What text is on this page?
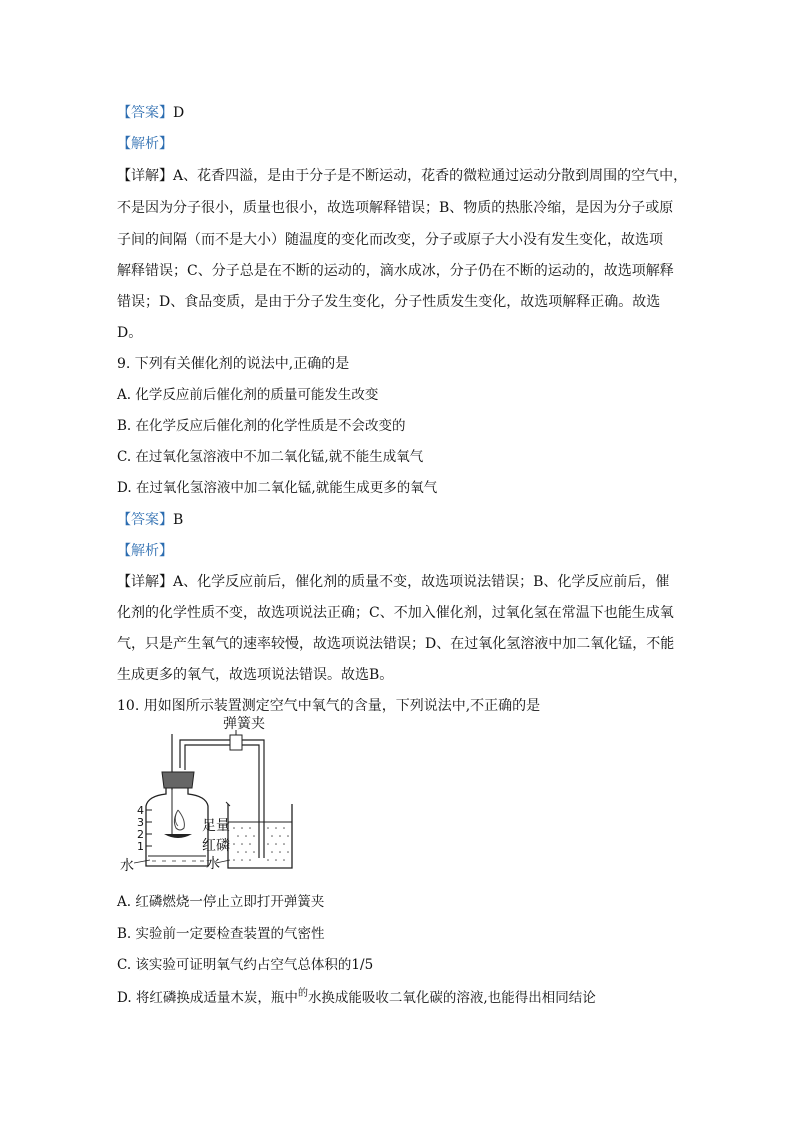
【答案】D
【解析】
【详解】A、花香四溢，是由于分子是不断运动，花香的微粒通过运动分散到周围的空气中，
不是因为分子很小，质量也很小，故选项解释错误；B、物质的热胀冷缩，是因为分子或原
子间的间隔（而不是大小）随温度的变化而改变，分子或原子大小没有发生变化，故选项
解释错误；C、分子总是在不断的运动的，滴水成冰，分子仍在不断的运动的，故选项解释
错误；D、食品变质，是由于分子发生变化，分子性质发生变化，故选项解释正确。故选
D。
9. 下列有关催化剂的说法中,正确的是
A. 化学反应前后催化剂的质量可能发生改变
B. 在化学反应后催化剂的化学性质是不会改变的
C. 在过氧化氢溶液中不加二氧化锰,就不能生成氧气
D. 在过氧化氢溶液中加二氧化锰,就能生成更多的氧气
【答案】B
【解析】
【详解】A、化学反应前后，催化剂的质量不变，故选项说法错误；B、化学反应前后，催
化剂的化学性质不变，故选项说法正确；C、不加入催化剂，过氧化氢在常温下也能生成氧
气，只是产生氧气的速率较慢，故选项说法错误；D、在过氧化氢溶液中加二氧化锰，不能
生成更多的氧气，故选项说法错误。故选B。
10. 用如图所示装置测定空气中氧气的含量，下列说法中,不正确的是
弹簧夹
4
3
2
1
水
足量
红磷
水
A. 红磷燃烧一停止立即打开弹簧夹
B. 实验前一定要检查装置的气密性
C. 该实验可证明氧气约占空气总体积的1/5
D. 将红磷换成适量木炭，瓶中$^的$水换成能吸收二氧化碳的溶液,也能得出相同结论
